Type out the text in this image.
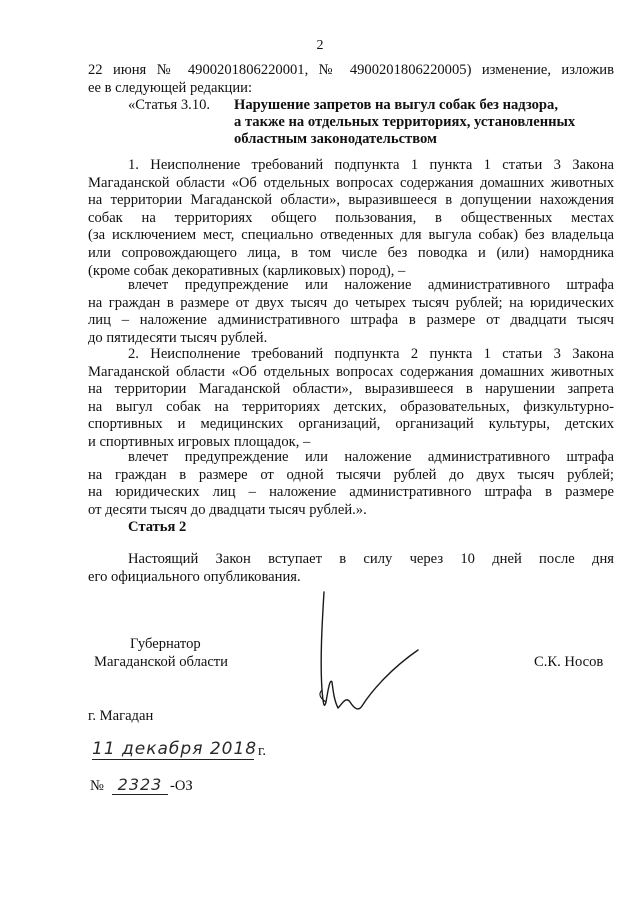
2
22 июня № 4900201806220001, № 4900201806220005) изменение, изложив
ее в следующей редакции:
«Статья 3.10. Нарушение запретов на выгул собак без надзора,
а также на отдельных территориях, установленных
областным законодательством
1. Неисполнение требований подпункта 1 пункта 1 статьи 3 Закона
Магаданской области «Об отдельных вопросах содержания домашних животных
на территории Магаданской области», выразившееся в допущении нахождения
собак на территориях общего пользования, в общественных местах
(за исключением мест, специально отведенных для выгула собак) без владельца
или сопровождающего лица, в том числе без поводка и (или) намордника
(кроме собак декоративных (карликовых) пород), –
влечет предупреждение или наложение административного штрафа
на граждан в размере от двух тысяч до четырех тысяч рублей; на юридических
лиц – наложение административного штрафа в размере от двадцати тысяч
до пятидесяти тысяч рублей.
2. Неисполнение требований подпункта 2 пункта 1 статьи 3 Закона
Магаданской области «Об отдельных вопросах содержания домашних животных
на территории Магаданской области», выразившееся в нарушении запрета
на выгул собак на территориях детских, образовательных, физкультурно-
спортивных и медицинских организаций, организаций культуры, детских
и спортивных игровых площадок, –
влечет предупреждение или наложение административного штрафа
на граждан в размере от одной тысячи рублей до двух тысяч рублей;
на юридических лиц – наложение административного штрафа в размере
от десяти тысяч до двадцати тысяч рублей.».
Статья 2
Настоящий Закон вступает в силу через 10 дней после дня
его официального опубликования.
Губернатор
Магаданской области	С.К. Носов
г. Магадан
11 декабря 2018 г.
№ 2323 -ОЗ
